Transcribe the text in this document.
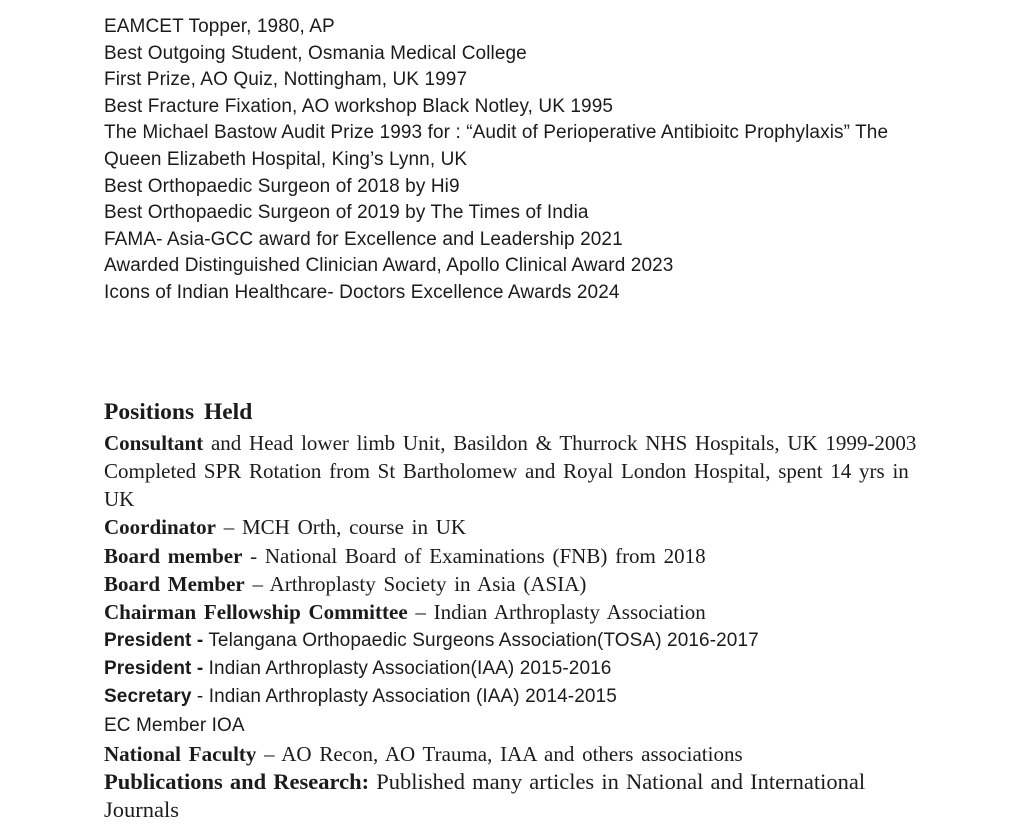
EAMCET Topper, 1980, AP
Best Outgoing Student, Osmania Medical College
First Prize, AO Quiz, Nottingham, UK 1997
Best Fracture Fixation, AO workshop Black Notley, UK 1995
The Michael Bastow Audit Prize 1993 for : “Audit of Perioperative Antibioitc Prophylaxis” The
Queen Elizabeth Hospital, King’s Lynn, UK
Best Orthopaedic Surgeon of 2018 by Hi9
Best Orthopaedic Surgeon of 2019 by The Times of India
FAMA- Asia-GCC award for Excellence and Leadership 2021
Awarded Distinguished Clinician Award, Apollo Clinical Award 2023
Icons of Indian Healthcare- Doctors Excellence Awards 2024
Positions Held
Consultant and Head lower limb Unit, Basildon & Thurrock NHS Hospitals, UK 1999-2003
Completed SPR Rotation from St Bartholomew and Royal London Hospital, spent 14 yrs in
UK
Coordinator – MCH Orth, course in UK
Board member - National Board of Examinations (FNB) from 2018
Board Member – Arthroplasty Society in Asia (ASIA)
Chairman Fellowship Committee – Indian Arthroplasty Association
President - Telangana Orthopaedic Surgeons Association(TOSA) 2016-2017
President - Indian Arthroplasty Association(IAA) 2015-2016
Secretary - Indian Arthroplasty Association (IAA) 2014-2015
EC Member IOA
National Faculty – AO Recon, AO Trauma, IAA and others associations
Publications and Research: Published many articles in National and International
Journals
